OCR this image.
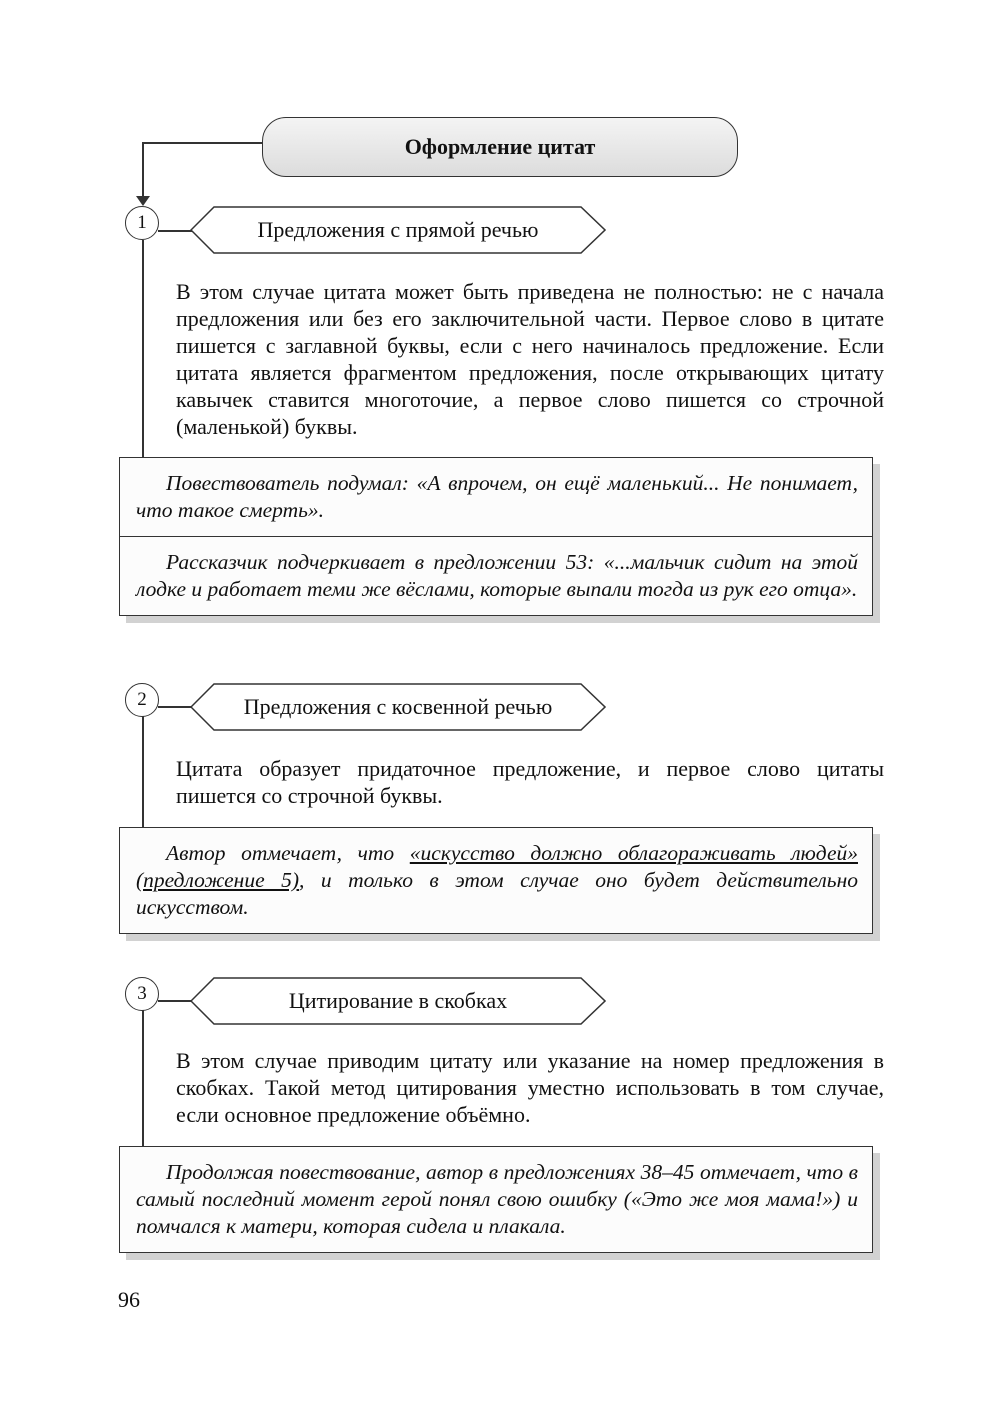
Оформление цитат
1	Предложения с прямой речью
В этом случае цитата может быть приведена не полностью: не с начала предложения или без его заключительной части. Первое слово в цитате пишется с заглавной буквы, если с него начиналось предложение. Если цитата является фрагментом предложения, после открывающих цитату кавычек ставится многоточие, а первое слово пишется со строчной (маленькой) буквы.
Повествователь подумал: «А впрочем, он ещё маленький... Не понимает, что такое смерть».
Рассказчик подчеркивает в предложении 53: «...мальчик сидит на этой лодке и работает теми же вёслами, которые выпали тогда из рук его отца».
2	Предложения с косвенной речью
Цитата образует придаточное предложение, и первое слово цитаты пишется со строчной буквы.
Автор отмечает, что «искусство должно облагораживать людей» (предложение 5), и только в этом случае оно будет действительно искусством.
3	Цитирование в скобках
В этом случае приводим цитату или указание на номер предложения в скобках. Такой метод цитирования уместно использовать в том случае, если основное предложение объёмно.
Продолжая повествование, автор в предложениях 38–45 отмечает, что в самый последний момент герой понял свою ошибку («Это же моя мама!») и помчался к матери, которая сидела и плакала.
96
